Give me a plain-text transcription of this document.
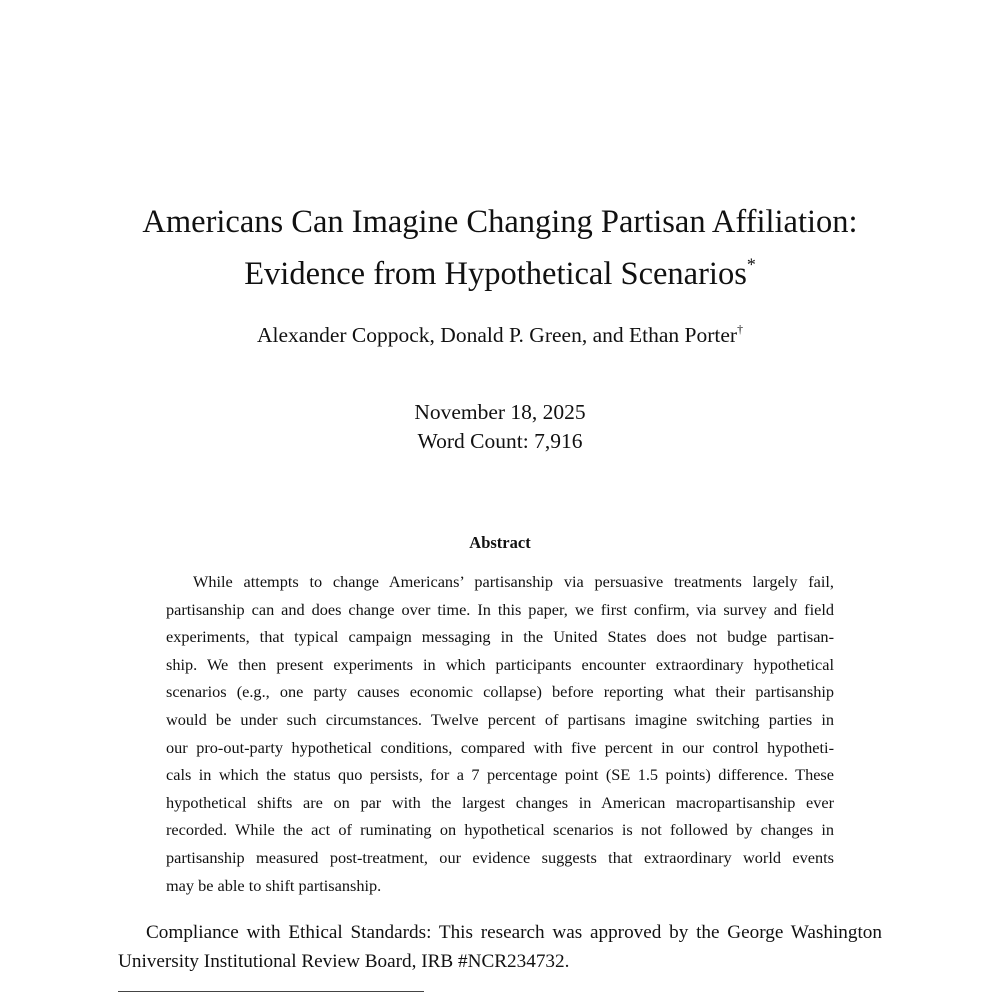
Americans Can Imagine Changing Partisan Affiliation:
Evidence from Hypothetical Scenarios*
Alexander Coppock, Donald P. Green, and Ethan Porter†
November 18, 2025
Word Count: 7,916
Abstract
While attempts to change Americans’ partisanship via persuasive treatments largely fail,
partisanship can and does change over time. In this paper, we first confirm, via survey and field
experiments, that typical campaign messaging in the United States does not budge partisan-
ship. We then present experiments in which participants encounter extraordinary hypothetical
scenarios (e.g., one party causes economic collapse) before reporting what their partisanship
would be under such circumstances. Twelve percent of partisans imagine switching parties in
our pro-out-party hypothetical conditions, compared with five percent in our control hypotheti-
cals in which the status quo persists, for a 7 percentage point (SE 1.5 points) difference. These
hypothetical shifts are on par with the largest changes in American macropartisanship ever
recorded. While the act of ruminating on hypothetical scenarios is not followed by changes in
partisanship measured post-treatment, our evidence suggests that extraordinary world events
may be able to shift partisanship.
Compliance with Ethical Standards: This research was approved by the George Washington
University Institutional Review Board, IRB #NCR234732.
